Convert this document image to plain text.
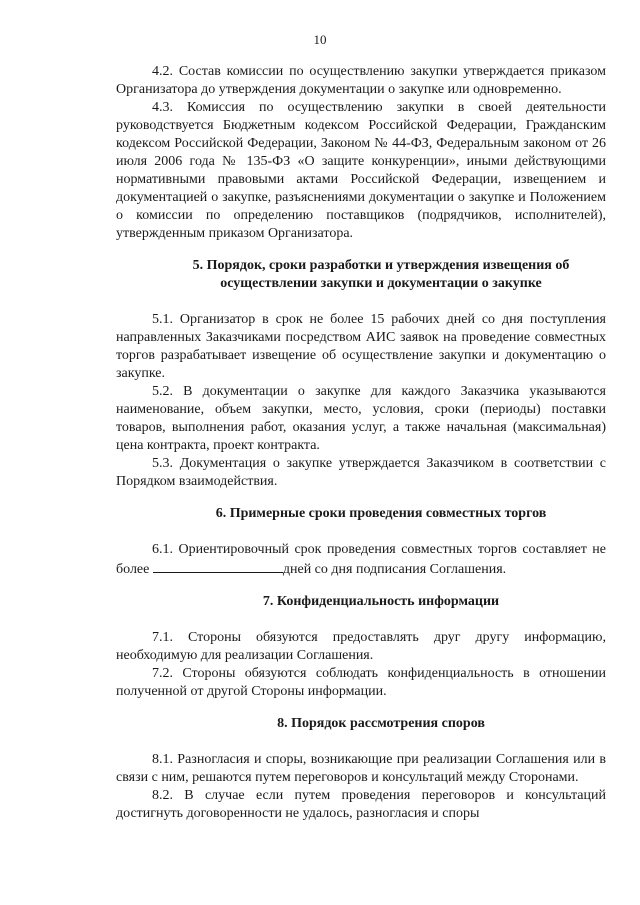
10

4.2. Состав комиссии по осуществлению закупки утверждается приказом Организатора до утверждения документации о закупке или одновременно.

4.3. Комиссия по осуществлению закупки в своей деятельности руководствуется Бюджетным кодексом Российской Федерации, Гражданским кодексом Российской Федерации, Законом № 44-ФЗ, Федеральным законом от 26 июля 2006 года № 135-ФЗ «О защите конкуренции», иными действующими нормативными правовыми актами Российской Федерации, извещением и документацией о закупке, разъяснениями документации о закупке и Положением о комиссии по определению поставщиков (подрядчиков, исполнителей), утвержденным приказом Организатора.

5. Порядок, сроки разработки и утверждения извещения об осуществлении закупки и документации о закупке

5.1. Организатор в срок не более 15 рабочих дней со дня поступления направленных Заказчиками посредством АИС заявок на проведение совместных торгов разрабатывает извещение об осуществление закупки и документацию о закупке.

5.2. В документации о закупке для каждого Заказчика указываются наименование, объем закупки, место, условия, сроки (периоды) поставки товаров, выполнения работ, оказания услуг, а также начальная (максимальная) цена контракта, проект контракта.

5.3. Документация о закупке утверждается Заказчиком в соответствии с Порядком взаимодействия.

6. Примерные сроки проведения совместных торгов

6.1. Ориентировочный срок проведения совместных торгов составляет не более	дней со дня подписания Соглашения.

7. Конфиденциальность информации

7.1. Стороны обязуются предоставлять друг другу информацию, необходимую для реализации Соглашения.

7.2. Стороны обязуются соблюдать конфиденциальность в отношении полученной от другой Стороны информации.

8. Порядок рассмотрения споров

8.1. Разногласия и споры, возникающие при реализации Соглашения или в связи с ним, решаются путем переговоров и консультаций между Сторонами.

8.2. В случае если путем проведения переговоров и консультаций достигнуть договоренности не удалось, разногласия и споры
